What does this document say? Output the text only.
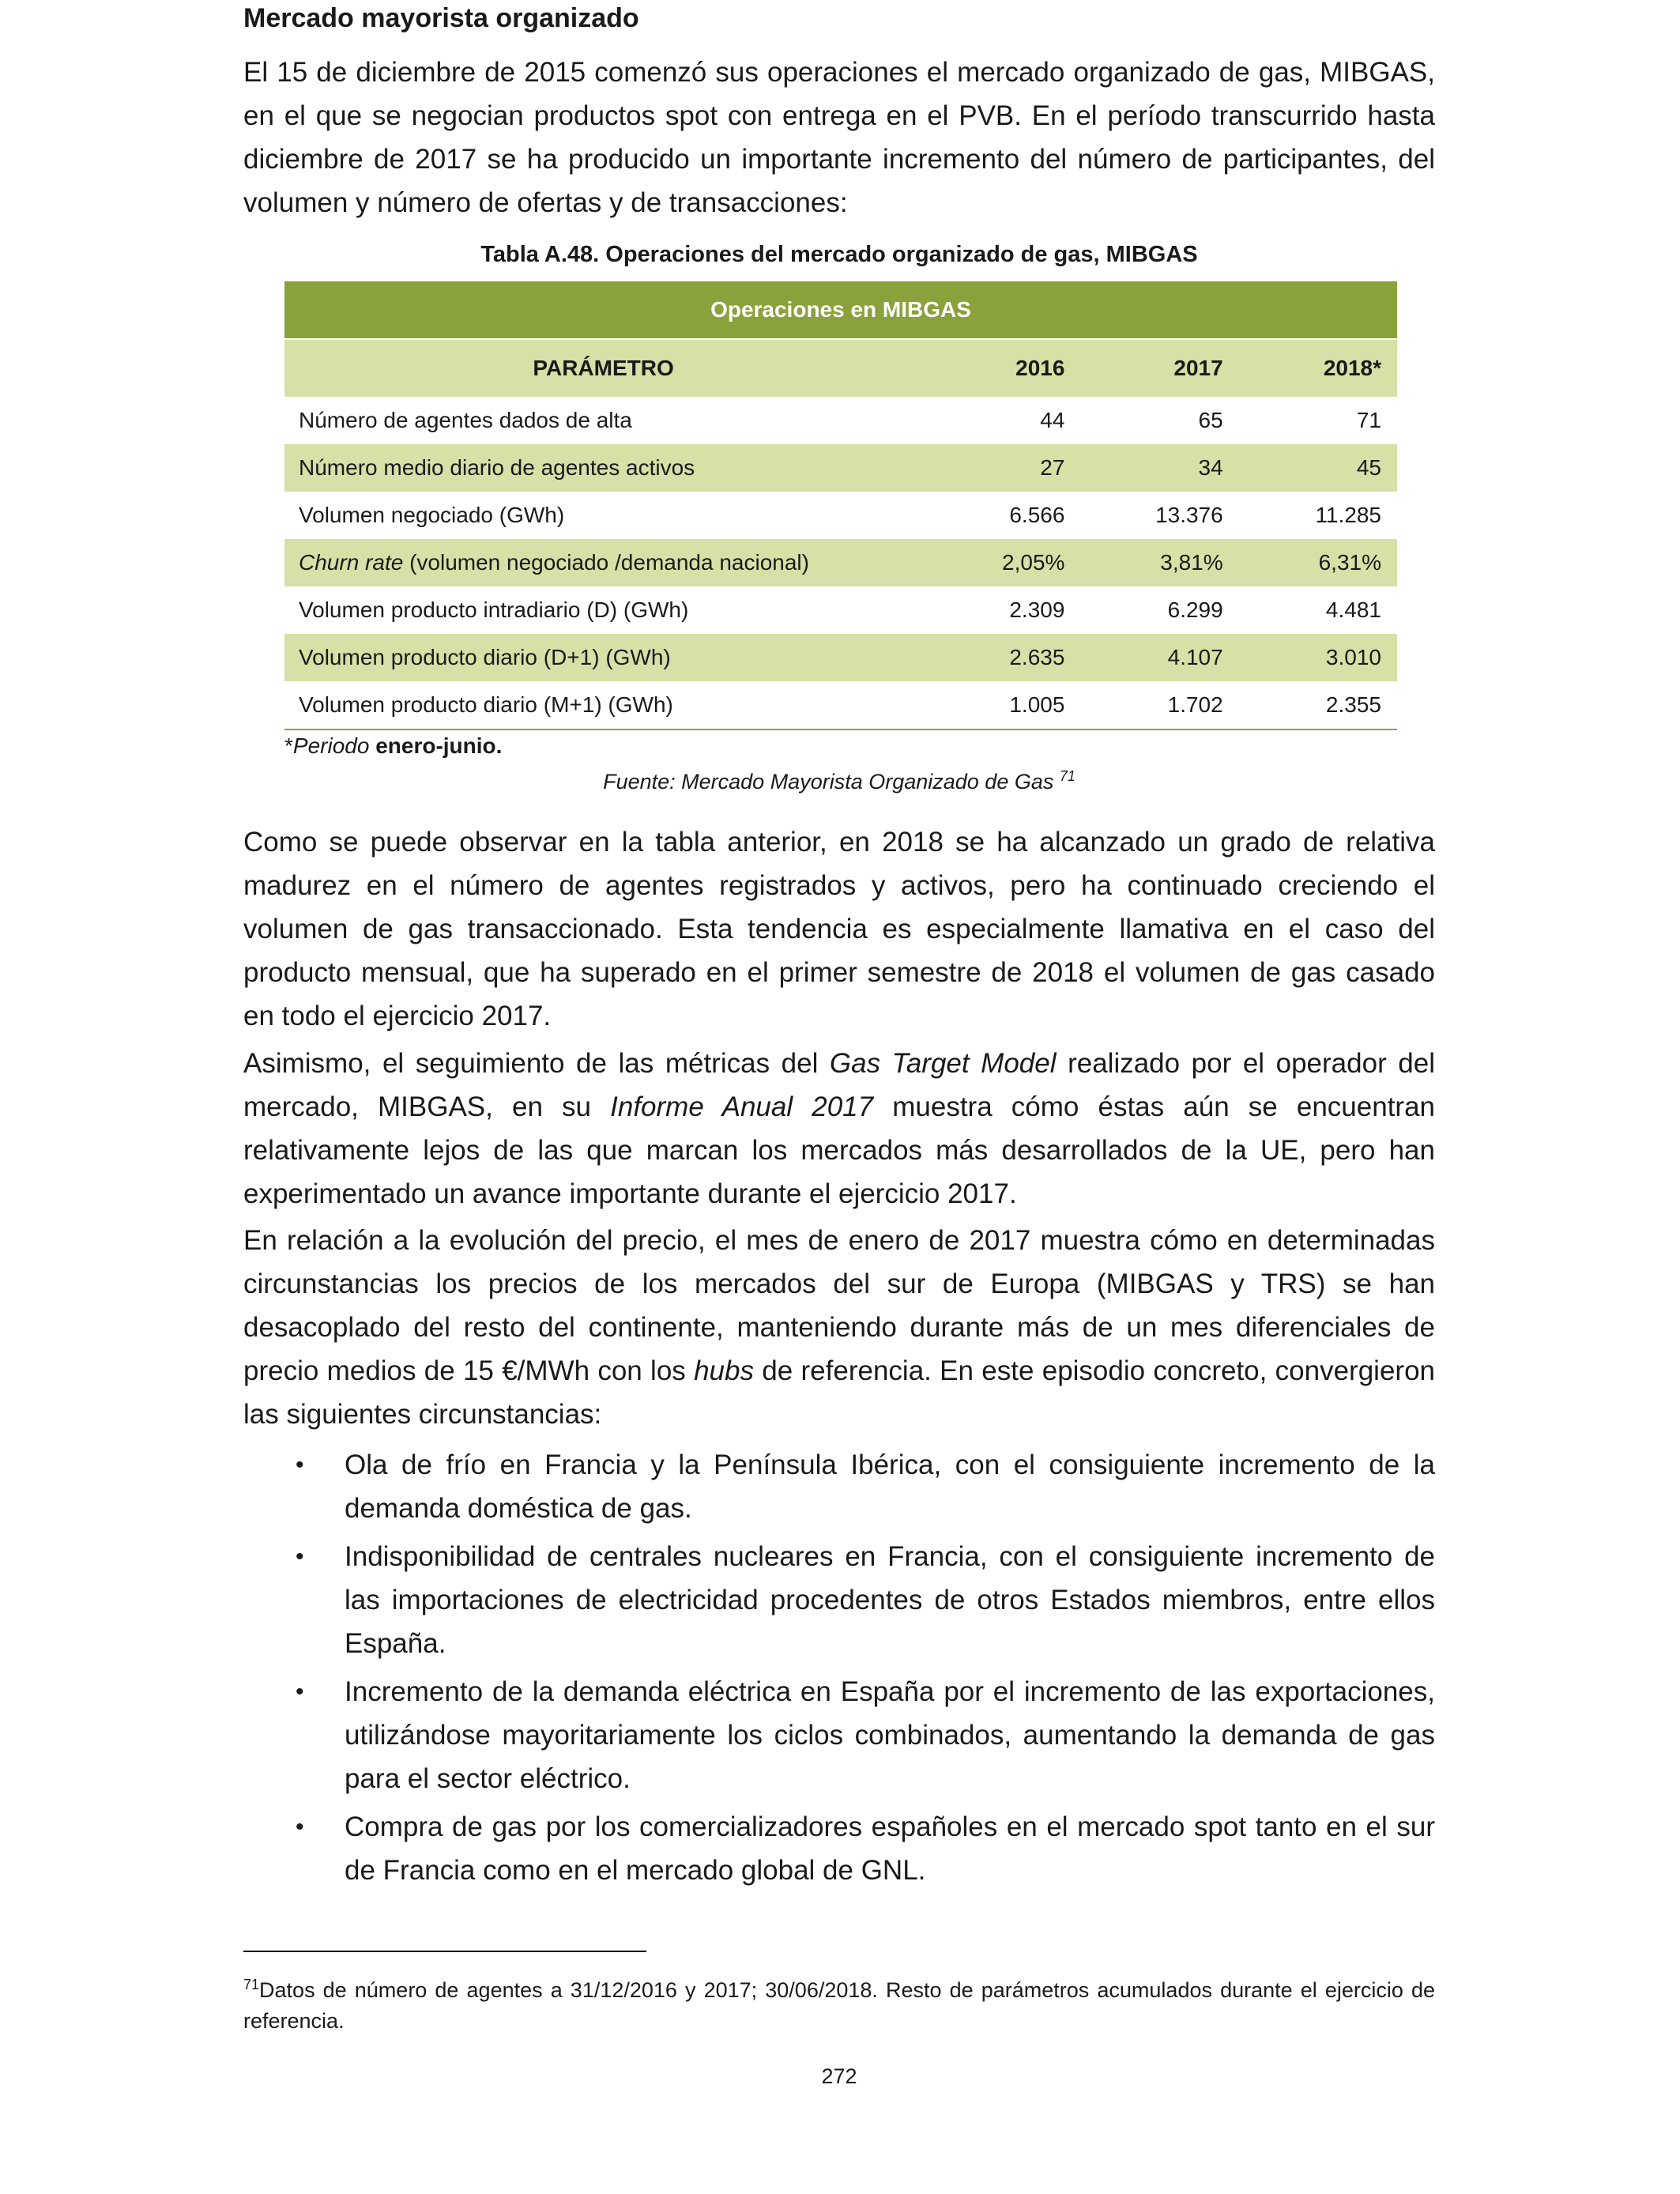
Mercado mayorista organizado

El 15 de diciembre de 2015 comenzó sus operaciones el mercado organizado de gas, MIBGAS, en el que se negocian productos spot con entrega en el PVB. En el período transcurrido hasta diciembre de 2017 se ha producido un importante incremento del número de participantes, del volumen y número de ofertas y de transacciones:

Tabla A.48. Operaciones del mercado organizado de gas, MIBGAS
Operaciones en MIBGAS			
PARÁMETRO	2016	2017	2018*
Número de agentes dados de alta	44	65	71
Número medio diario de agentes activos	27	34	45
Volumen negociado (GWh)	6.566	13.376	11.285
Churn rate (volumen negociado /demanda nacional)	2,05%	3,81%	6,31%
Volumen producto intradiario (D) (GWh)	2.309	6.299	4.481
Volumen producto diario (D+1) (GWh)	2.635	4.107	3.010
Volumen producto diario (M+1) (GWh)	1.005	1.702	2.355
*Periodo enero-junio.
Fuente: Mercado Mayorista Organizado de Gas $^{71}$

Como se puede observar en la tabla anterior, en 2018 se ha alcanzado un grado de relativa madurez en el número de agentes registrados y activos, pero ha continuado creciendo el volumen de gas transaccionado. Esta tendencia es especialmente llamativa en el caso del producto mensual, que ha superado en el primer semestre de 2018 el volumen de gas casado en todo el ejercicio 2017.

Asimismo, el seguimiento de las métricas del Gas Target Model realizado por el operador del mercado, MIBGAS, en su Informe Anual 2017 muestra cómo éstas aún se encuentran relativamente lejos de las que marcan los mercados más desarrollados de la UE, pero han experimentado un avance importante durante el ejercicio 2017.

En relación a la evolución del precio, el mes de enero de 2017 muestra cómo en determinadas circunstancias los precios de los mercados del sur de Europa (MIBGAS y TRS) se han desacoplado del resto del continente, manteniendo durante más de un mes diferenciales de precio medios de 15 €/MWh con los hubs de referencia. En este episodio concreto, convergieron las siguientes circunstancias:

• Ola de frío en Francia y la Península Ibérica, con el consiguiente incremento de la demanda doméstica de gas.
• Indisponibilidad de centrales nucleares en Francia, con el consiguiente incremento de las importaciones de electricidad procedentes de otros Estados miembros, entre ellos España.
• Incremento de la demanda eléctrica en España por el incremento de las exportaciones, utilizándose mayoritariamente los ciclos combinados, aumentando la demanda de gas para el sector eléctrico.
• Compra de gas por los comercializadores españoles en el mercado spot tanto en el sur de Francia como en el mercado global de GNL.
$^{71}$Datos de número de agentes a 31/12/2016 y 2017; 30/06/2018. Resto de parámetros acumulados durante el ejercicio de referencia.
272
